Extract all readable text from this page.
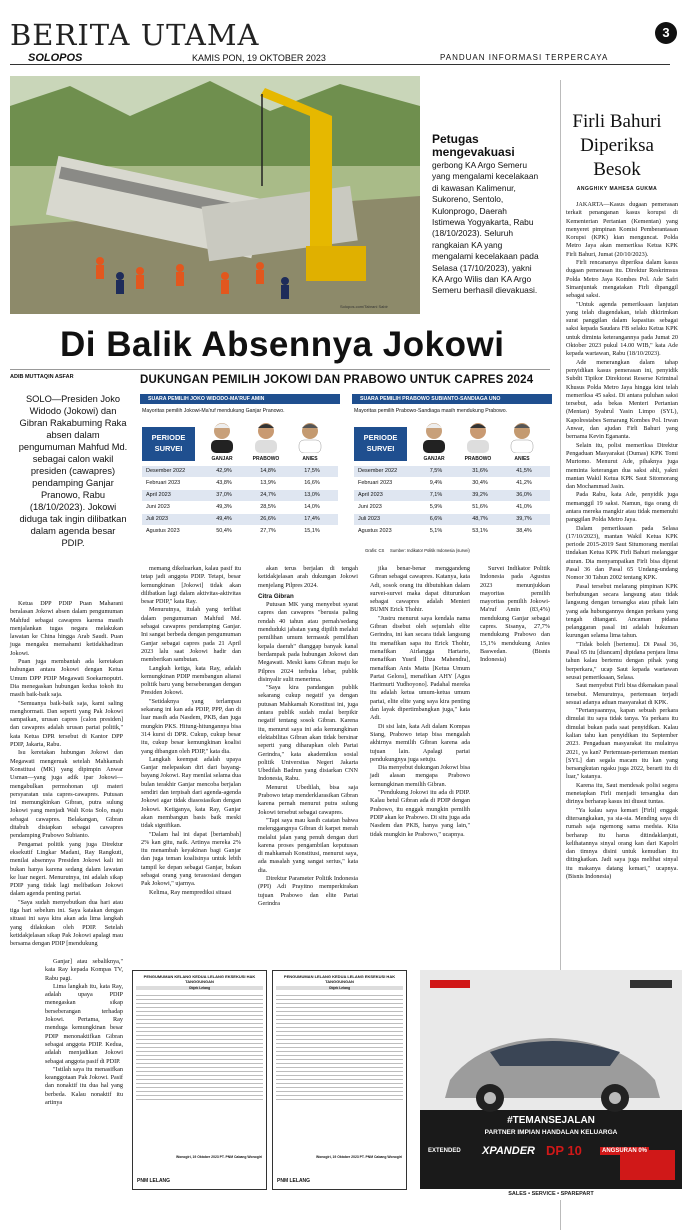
BERITA UTAMA	3
SOLOPOS	KAMIS PON, 19 OKTOBER 2023	PANDUAN INFORMASI TERPERCAYA
Solopos.com/Tabrani Sabir
Petugas mengevakuasi
gerbong KA Argo Semeru yang mengalami kecelakaan di kawasan Kalimenur, Sukoreno, Sentolo, Kulonprogo, Daerah Istimewa Yogyakarta, Rabu (18/10/2023). Seluruh rangkaian KA yang mengalami kecelakaan pada Selasa (17/10/2023), yakni KA Argo Wilis dan KA Argo Semeru berhasil dievakuasi.
Firli Bahuri Diperiksa Besok
ANGGHIKY MAHESA GUKMA

JAKARTA—Kasus dugaan pemerasan terkait penanganan kasus korupsi di Kementerian Pertanian (Kementan) yang menyeret pimpinan Komisi Pemberantasan Korupsi (KPK) kian menguncat. Polda Metro Jaya akan memeriksa Ketua KPK Firli Bahuri, Jumat (20/10/2023).

Firli rencananya diperiksa dalam kasus dugaan pemerasan itu. Direktur Reskrimsus Polda Metro Jaya Kombes Pol. Ade Safri Simanjuntak mengatakan Firli dipanggil sebagai saksi.

"Untuk agenda pemeriksaan lanjutan yang telah diagendakan, telah dikirimkan surat panggilan dalam kapasitas sebagai saksi kepada Saudara FB selaku Ketua KPK untuk diminta keterangannya pada Jumat 20 Oktober 2023 pukul 14.00 WIB," kata Ade kepada wartawan, Rabu (18/10/2023).

Ade menerangkan dalam tahap penyidikan kasus pemerasan ini, penyidik Subdit Tipikor Direktorat Reserse Kriminal Khusus Polda Metro Jaya hingga kini telah memeriksa 45 saksi. Di antara puluhan saksi tersebut, ada bekas Menteri Pertanian (Mentan) Syahrul Yasin Limpo (SYL), Kapolrestabes Semarang Kombes Pol. Irwan Anwar, dan ajudan Firli Bahuri yang bernama Kevin Egananta.

Selain itu, polisi memeriksa Direktur Pengaduan Masyarakat (Dumas) KPK Tomi Murtomo. Menurut Ade, pihaknya juga meminta keterangan dua saksi ahli, yakni mantan Wakil Ketua KPK Saut Sitomorang dan Mochammad Jasin.

Pada Rabu, kata Ade, penyidik juga memanggil 19 saksi. Namun, tiga orang di antara mereka mangkir atau tidak memenuhi panggilan Polda Metro Jaya.

Dalam pemeriksaan pada Selasa (17/10/2023), mantan Wakil Ketua KPK periode 2015-2019 Saut Situmorang menilai tindakan Ketua KPK Firli Bahuri melanggar aturan. Dia menyampaikan Firli bisa dijerat Pasal 36 dan Pasal 65 Undang-undang Nomor 30 Tahun 2002 tentang KPK.

Pasal tersebut melarang pimpinan KPK berhubungan secara langsung atau tidak langsung dengan tersangka atau pihak lain yang ada hubungannya dengan perkara yang tengah ditangani. Ancaman pidana pelanggaran pasal ini adalah hukuman kurungan selama lima tahun.

"Tidak boleh [bertemu]. Di Pasal 36, Pasal 65 itu [diancam] dipidana penjara lima tahun kalau bertemu dengan pihak yang berperkara," ucap Saut kepada wartawan seusai pemeriksaan, Selasa.

Saut menyebut Firli bisa dikenakan pasal tersebut. Menurutnya, pertemuan terjadi sesuai adanya aduan masyarakat di KPK.

"Pertanyaannya, kapan sebuah perkara dimulai itu saya tidak tanya. Ya perkara itu dimulai bukan pada saat penyidikan. Kalau kalian tahu kan penyidikan itu September 2023. Pengaduan masyarakat itu mulainya 2021, ya kan? Pertemuan-pertemuan mentan [SYL] dan segala macam itu kan yang bersangkutan ngaku juga 2022, berarti itu di luar," katanya.

Karena itu, Saut mendesak polisi segera menetapkan Firli menjadi tersangka dan dirinya berharap kasus ini diusut tuntas.

"Ya kalau saya kemari [Firli] enggak ditersangkakan, ya sia-sia. Mending saya di rumah saja ngemong sama medsia. Kita berharap itu harus ditindaklanjuti, kelihatannya sinyal orang kan dari Kapolri dan timnya disini untuk kemudian itu ditingkatkan. Jadi saya juga melihat sinyal itu makanya datang kemari," ucapnya. (Bisnis Indonesia)

Di Balik Absennya Jokowi
ADIB MUTTAQIN ASFAR
SOLO—Presiden Joko Widodo (Jokowi) dan Gibran Rakabuming Raka absen dalam pengumuman Mahfud Md. sebagai calon wakil presiden (cawapres) pendamping Ganjar Pranowo, Rabu (18/10/2023). Jokowi diduga tak ingin dilibatkan dalam agenda besar PDIP.
DUKUNGAN PEMILIH JOKOWI DAN PRABOWO UNTUK CAPRES 2024
SUARA PEMILIH JOKO WIDODO-MA'RUF AMIN
Mayoritas pemilih Jokowi-Ma'ruf mendukung Ganjar Pranowo.
PERIODE SURVEI
GANJAR	PRABOWO	ANIES
Desember 2022	42,9%	14,8%	17,5%
Februari 2023	43,8%	13,9%	16,6%
April 2023	37,0%	24,7%	13,0%
Juni 2023	49,3%	28,5%	14,0%
Juli 2023	49,4%	26,6%	17,4%
Agustus 2023	50,4%	27,7%	15,1%
SUARA PEMILIH PRABOWO SUBIANTO-SANDIAGA UNO
Mayoritas pemilih Prabowo-Sandiaga masih mendukung Prabowo.
PERIODE SURVEI
GANJAR	PRABOWO	ANIES
Desember 2022	7,5%	31,6%	41,5%
Februari 2023	9,4%	30,4%	41,2%
April 2023	7,1%	39,2%	36,0%
Juni 2023	5,9%	51,6%	41,0%
Juli 2023	6,6%	48,7%	39,7%
Agustus 2023	5,1%	53,1%	38,4%
Grafis: CS Sumber: Indikator Politik Indonesia (survei)

Ketua DPP PDIP Puan Maharani beralasan Jokowi absen dalam pengumuman Mahfud sebagai cawapres karena masih menjalankan tugas negara melakukan lawatan ke China hingga Arab Saudi. Puan juga mengaku memahami ketidakhadiran Jokowi.

Puan juga membantah ada keretakan hubungan antara Jokowi dengan Ketua Umum DPP PDIP Megawati Soekarnoputri. Dia menegaskan hubungan kedua tokoh itu masih baik-baik saja.

"Semuanya baik-baik saja, kami saling menghormati. Dan seperti yang Pak Jokowi sampaikan, urusan capres [calon presiden] dan cawapres adalah urusan partai politik," kata Ketua DPR tersebut di Kantor DPP PDIP, Jakarta, Rabu.

Isu keretakan hubungan Jokowi dan Megawati mengeruak setelah Mahkamah Konstitusi (MK) yang dipimpin Anwar Usman—yang juga adik ipar Jokowi—mengabulkan permohonan uji materi persyaratan usia capres-cawapres. Putusan ini memungkinkan Gibran, putra sulung Jokowi yang menjadi Wali Kota Solo, maju sebagai cawapres. Belakangan, Gibran ditabuh disiapkan sebagai cawapres pendamping Prabowo Subianto.

Pengamat politik yang juga Direktur eksekutif Lingkar Madani, Ray Rangkuti, menilai absennya Presiden Jokowi kali ini bukan hanya karena sedang dalam lawatan ke luar negeri. Menurutnya, ini adalah sikap PDIP yang tidak lagi melibatkan Jokowi dalam agenda penting partai.

"Saya sudah menyebutkan dua hari atau tiga hari sebelum ini. Saya katakan dengan situasi ini saya kira akan ada lima langkah yang dilakukan oleh PDIP. Setelah ketidakjelasan sikap Pak Jokowi apalagi mau bersama dengan PDIP [mendukung

Ganjar] atau sebaliknya," kata Ray kepada Kompas TV, Rabu pagi.

Lima langkah itu, kata Ray, adalah upaya PDIP menegaskan sikap berseberangan terhadap Jokowi. Pertama, Ray menduga kemungkinan besar PDIP menonaktifkan Gibran sebagai anggota PDIP. Kedua, adalah menjadikan Jokowi sebagai anggota pasif di PDIP.

"Istilah saya itu menasifkan keanggotaan Pak Jokowi. Pasif dan nonaktif itu dua hal yang berbeda. Kalau nonaktif itu artinya

memang dikeluarkan, kalau pasif itu tetap jadi anggota PDIP. Tetapi, besar kemungkinan [Jokowi] tidak akan dilibatkan lagi dalam aktivitas-aktivitas besar PDIP," kata Ray.

Menurutnya, itulah yang terlihat dalam pengumuman Mahfud Md. sebagai cawapres pendamping Ganjar. Ini sangat berbeda dengan pengumuman Ganjar sebagai capres pada 21 April 2023 lalu saat Jokowi hadir dan memberikan sambutan.

Langkah ketiga, kata Ray, adalah kemungkinan PDIP membangun aliansi politik baru yang berseberangan dengan Presiden Jokowi.

"Setidaknya yang terlampau sekarang ini kan ada PDIP, PPP, dan di luar masih ada Nasdem, PKB, dan juga mungkin PKS. Hitung-hitungannya bisa 314 kursi di DPR. Cukup, cukup besar itu, cukup besar kemungkinan koalisi yang dibangun oleh PDIP," kata dia.

Langkah keempat adalah upaya Ganjar melepaskan diri dari bayang-bayang Jokowi. Ray menilai selama dua bulan terakhir Ganjar mencoba berjalan sendiri dan terpisah dari agenda-agenda Jokowi agar tidak diasosiasikan dengan Jokowi. Ketiganya, kata Ray, Ganjar akan membangun basis baik meski tidak signifikan.

"Dalam hal ini dapat [bertambah] 2% kan gitu, naik. Artinya mereka 2% itu menambah keyakinan bagi Ganjar dan juga teman koalisinya untuk lebih tampil ke depan sebagai Ganjar, bukan sebagai orang yang terasosiasi dengan Pak Jokowi," ujarnya.

Kelima, Ray memprediksi situasi

akan terus berjalan di tengah ketidakjelasan arah dukungan Jokowi menjelang Pilpres 2024.

Citra Gibran

Putusan MK yang menyebut syarat capres dan cawapres "berusia paling rendah 40 tahun atau pernah/sedang menduduki jabatan yang dipilih melalui pemilihan umum termasuk pemilihan kepala daerah" dianggap banyak kanal berdampak pada hubungan Jokowi dan Megawati. Meski kans Gibran maju ke Pilpres 2024 terbuka lebar, publik disinyalir sulit menerima.

"Saya kira pandangan publik sekarang cukup negatif ya dengan putusan Mahkamah Konstitusi ini, juga antara publik sudah mulai berpikir negatif tentang sosok Gibran. Karena itu, menurut saya ini ada kemungkinan elektabilitas Gibran akan tidak bersinar seperti yang diharapkan oleh Partai Gerindra," kata akademikus sosial politik Universitas Negeri Jakarta Ubedilah Badrun yang disiarkan CNN Indonesia, Rabu.

Menurut Ubedilah, bisa saja Prabowo tetap menderklarasikan Gibran karena pernah menurut putra sulung Jokowi tersebut sebagai cawapres.

"Tapi saya mau kasih catatan bahwa melenggangnya Gibran di karpet merah melalui jalan yang penuh dengan duri karena proses pengambilan keputusan di mahkamah Konstitusi, menurut saya, ada masalah yang sangat serius," kata dia.

Direktur Parameter Politik Indonesia (PPI) Adi Prayitno memperkirakan tujuan Prabowo dan elite Partai Gerindra

jika benar-benar menggandeng Gibran sebagai cawapres. Katanya, kata Adi, sosok orang itu dibutuhkan dalam survei-survei maka dapat diturunkan sebagai cawapres adalah Menteri BUMN Erick Thohir.

"Justru menurut saya kendala nama Gibran disebut oleh sejumlah elite Gerindra, ini kan secara tidak langsung itu menafikan sapa itu Erick Thohir, menafikan Airlangga Hartarto, menafikan Yusril [Ihza Mahendra], menafikan Anis Matta [Ketua Umum Partai Gelora], menafikan AHY [Agus Harimurti Yudhoyono]. Padahal mereka itu adalah ketua umum-ketua umum partai, elite elite yang saya kira penting dan layak dipertimbangkan juga," kata Adi.

Di sisi lain, kata Adi dalam Kompas Siang, Prabowo tetap bisa mengalah akhirnya memilih Gibran karena ada tujuan lain. Apalagi partai pendukungnya juga setuju.

Dia menyebut dukungan Jokowi bisa jadi alasan mengapa Prabowo kemungkinan memilih Gibran.

"Pendukung Jokowi itu ada di PDIP. Kalau betul Gibran ada di PDIP dengan Prabowo, itu enggak mungkin pemilih PDIP akan ke Prabowo. Di situ juga ada Nasdem dan PKB, hanya yang lain," tidak mungkin ke Prabowo," ucapnya.

Survei Indikator Politik Indonesia pada Agustus 2023 menunjukkan mayoritas pemilih mayoritas pemilih Jokowi-Ma'ruf Amin (83,4%) mendukung Ganjar sebagai capres. Sisanya, 27,7% mendukung Prabowo dan 15,1% mendukung Anies Baswedan. (Bisnis Indonesia)

PENGUMUMAN KELANG KEDUA LELANG EKSEKUSI HAK TANGGUNGAN
Objek Lelang
Wonogiri, 19 Oktober 2023 PT. PNM Cabang Wonogiri
PNM LELANG
PENGUMUMAN LELANG KEDUA LELANG EKSEKUSI HAK TANGGUNGAN
Objek Lelang
Wonogiri, 19 Oktober 2023 PT. PNM Cabang Wonogiri
PNM LELANG
#TEMANSEJALAN
PARTNER IMPIAN HANDALAN KELUARGA
EXTENDED XPANDER DP 10	ANGSURAN 0%
SALES • SERVICE • SPAREPART
